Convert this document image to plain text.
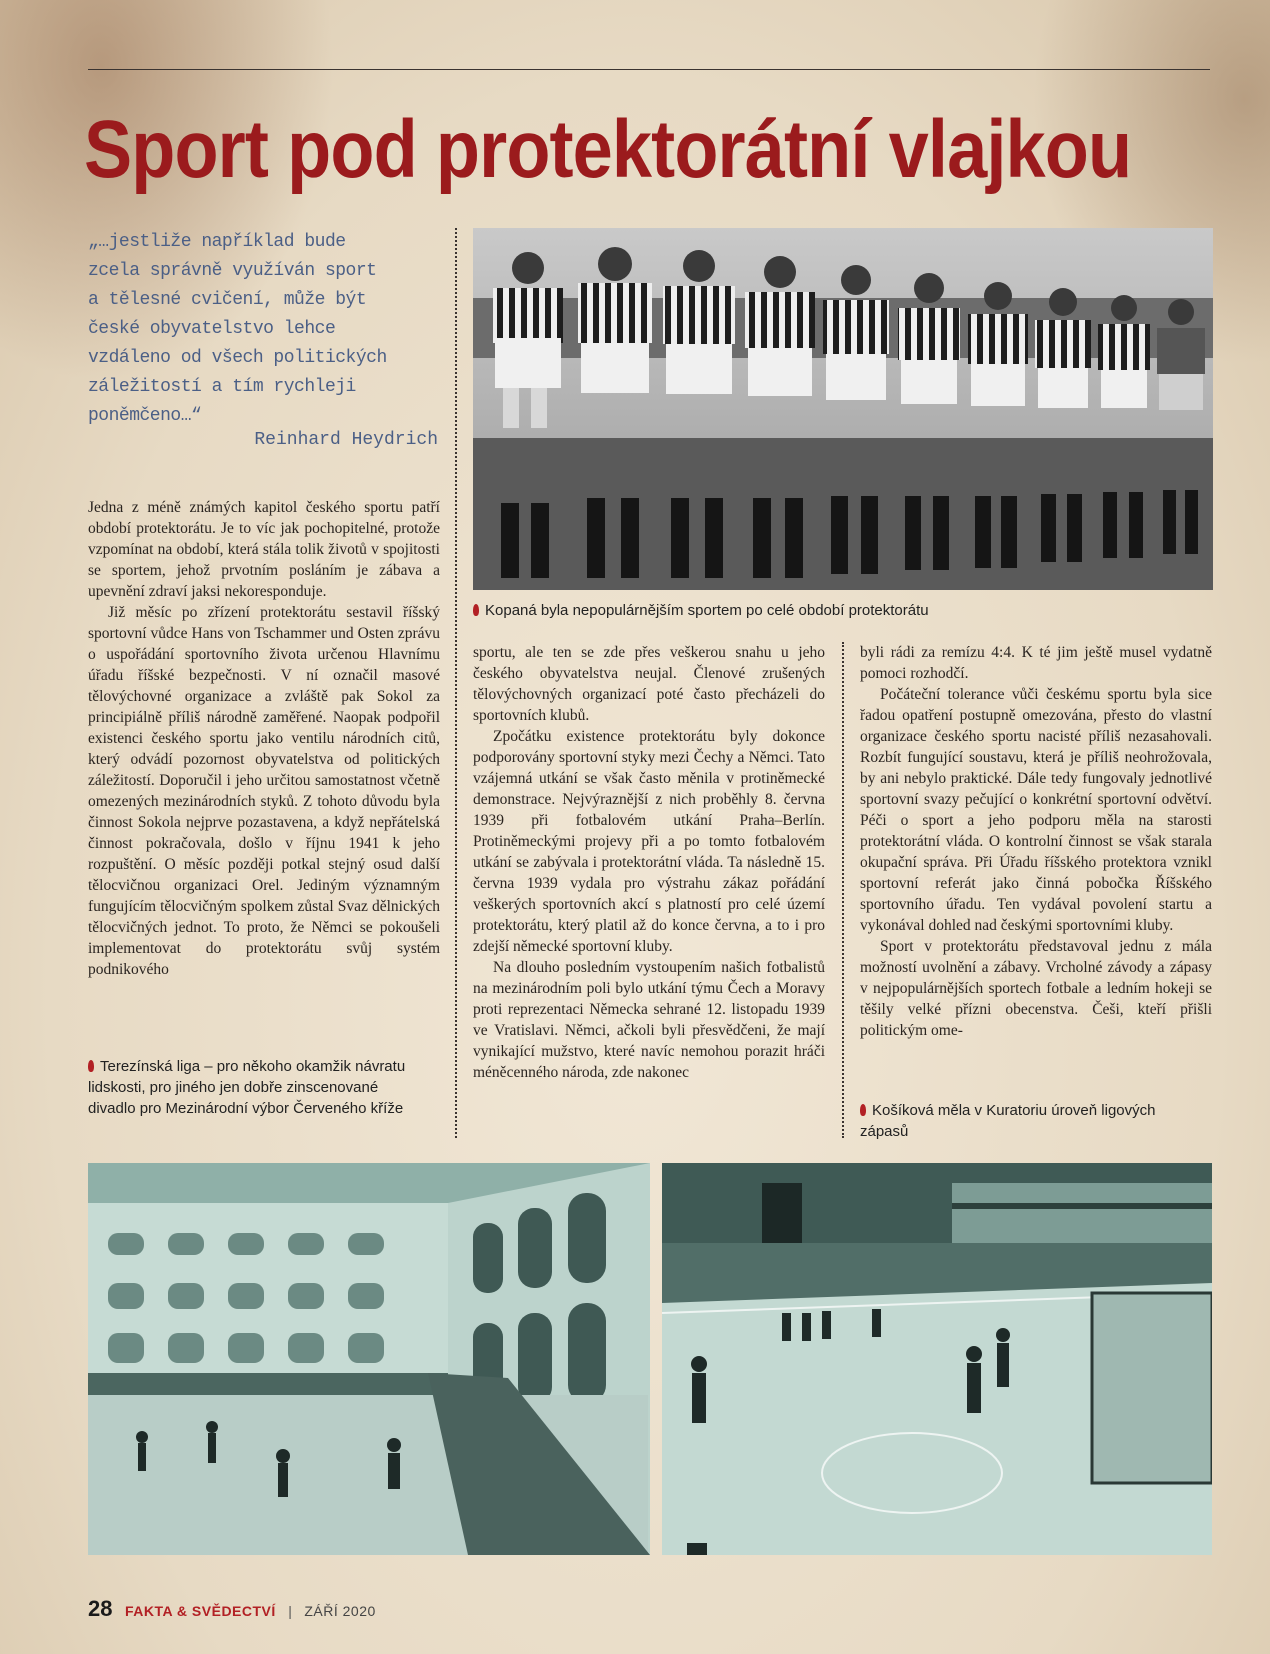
Sport pod protektorátní vlajkou
„…jestliže například bude
zcela správně využíván sport
a tělesné cvičení, může být
české obyvatelstvo lehce
vzdáleno od všech politických
záležitostí a tím rychleji
poněmčeno…“
Reinhard Heydrich
Kopaná byla nepopulárnějším sportem po celé období protektorátu

Jedna z méně známých kapitol českého sportu patří období protektorátu. Je to víc jak pochopitelné, protože vzpomínat na období, která stála tolik životů v spojitosti se sportem, jehož prvotním posláním je zábava a upevnění zdraví jaksi nekoresponduje.

Již měsíc po zřízení protektorátu sestavil říšský sportovní vůdce Hans von Tschammer und Osten zprávu o uspořádání sportovního života určenou Hlavnímu úřadu říšské bezpečnosti. V ní označil masové tělovýchovné organizace a zvláště pak Sokol za principiálně příliš národně zaměřené. Naopak podpořil existenci českého sportu jako ventilu národních citů, který odvádí pozornost obyvatelstva od politických záležitostí. Doporučil i jeho určitou samostatnost včetně omezených mezinárodních styků. Z tohoto důvodu byla činnost Sokola nejprve pozastavena, a když nepřátelská činnost pokračovala, došlo v říjnu 1941 k jeho rozpuštění. O měsíc později potkal stejný osud další tělocvičnou organizaci Orel. Jediným významným fungujícím tělocvičným spolkem zůstal Svaz dělnických tělocvičných jednot. To proto, že Němci se pokoušeli implementovat do protektorátu svůj systém podnikového

sportu, ale ten se zde přes veškerou snahu u jeho českého obyvatelstva neujal. Členové zrušených tělovýchovných organizací poté často přecházeli do sportovních klubů.

Zpočátku existence protektorátu byly dokonce podporovány sportovní styky mezi Čechy a Němci. Tato vzájemná utkání se však často měnila v protiněmecké demonstrace. Nejvýraznější z nich proběhly 8. června 1939 při fotbalovém utkání Praha–Berlín. Protiněmeckými projevy při a po tomto fotbalovém utkání se zabývala i protektorátní vláda. Ta následně 15. června 1939 vydala pro výstrahu zákaz pořádání veškerých sportovních akcí s platností pro celé území protektorátu, který platil až do konce června, a to i pro zdejší německé sportovní kluby.

Na dlouho posledním vystoupením našich fotbalistů na mezinárodním poli bylo utkání týmu Čech a Moravy proti reprezentaci Německa sehrané 12. listopadu 1939 ve Vratislavi. Němci, ačkoli byli přesvědčeni, že mají vynikající mužstvo, které navíc nemohou porazit hráči méněcenného národa, zde nakonec

byli rádi za remízu 4:4. K té jim ještě musel vydatně pomoci rozhodčí.

Počáteční tolerance vůči českému sportu byla sice řadou opatření postupně omezována, přesto do vlastní organizace českého sportu nacisté příliš nezasahovali. Rozbít fungující soustavu, která je příliš neohrožovala, by ani nebylo praktické. Dále tedy fungovaly jednotlivé sportovní svazy pečující o konkrétní sportovní odvětví. Péči o sport a jeho podporu měla na starosti protektorátní vláda. O kontrolní činnost se však starala okupační správa. Při Úřadu říšského protektora vznikl sportovní referát jako činná pobočka Říšského sportovního úřadu. Ten vydával povolení startu a vykonával dohled nad českými sportovními kluby.

Sport v protektorátu představoval jednu z mála možností uvolnění a zábavy. Vrcholné závody a zápasy v nejpopulárnějších sportech fotbale a ledním hokeji se těšily velké přízni obecenstva. Češi, kteří přišli politickým ome-

Terezínská liga – pro někoho okamžik návratu lidskosti, pro jiného jen dobře zinscenované divadlo pro Mezinárodní výbor Červeného kříže	Košíková měla v Kuratoriu úroveň ligových zápasů
28 FAKTA & SVĚDECTVÍ | ZÁŘÍ 2020
